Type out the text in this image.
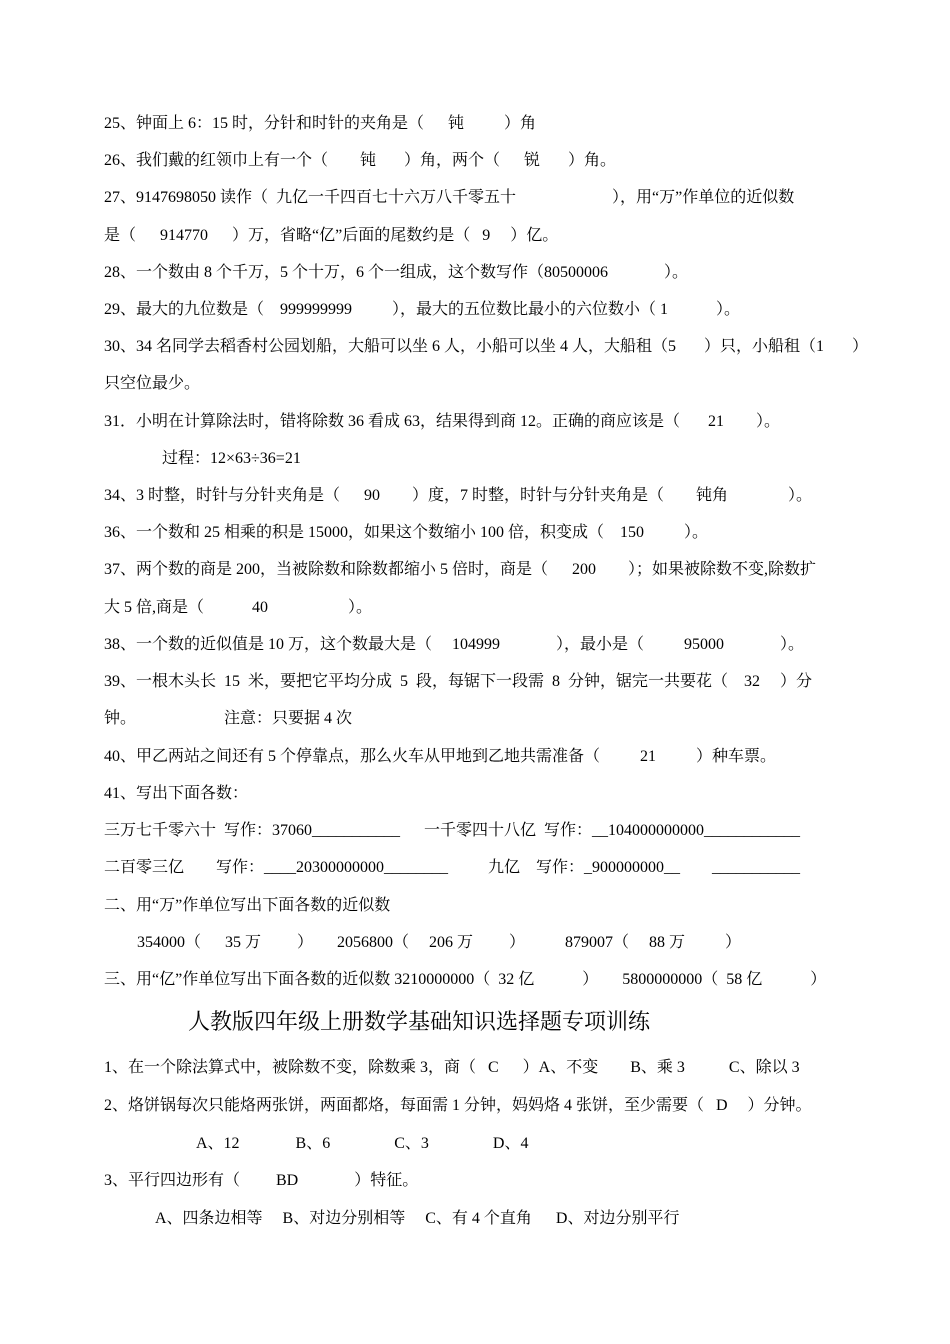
25、钟面上 6：15 时，分针和时针的夹角是（      钝          ）角

26、我们戴的红领巾上有一个（        钝       ）角，两个（      锐       ）角。

27、9147698050 读作（  九亿一千四百七十六万八千零五十                        ），用“万”作单位的近似数

是（      914770      ）万，省略“亿”后面的尾数约是（   9     ）亿。

28、一个数由 8 个千万，5 个十万，6 个一组成，这个数写作（80500006              ）。

29、最大的九位数是（    999999999          ），最大的五位数比最小的六位数小（ 1            ）。

30、34 名同学去稻香村公园划船，大船可以坐 6 人，小船可以坐 4 人，大船租（5       ）只，小船租（1       ）

只空位最少。

31．小明在计算除法时，错将除数 36 看成 63，结果得到商 12。正确的商应该是（       21        ）。

过程：12×63÷36=21

34、3 时整，时针与分针夹角是（      90        ）度，7 时整，时针与分针夹角是（        钝角               ）。

36、一个数和 25 相乘的积是 15000，如果这个数缩小 100 倍，积变成（    150          ）。

37、两个数的商是 200，当被除数和除数都缩小 5 倍时，商是（      200        ）；如果被除数不变,除数扩

大 5 倍,商是（            40                    ）。

38、一个数的近似值是 10 万，这个数最大是（     104999              ），最小是（          95000              ）。

39、一根木头长  15  米，要把它平均分成  5  段，每锯下一段需  8  分钟，锯完一共要花（    32     ）分

钟。                      注意：只要据 4 次

40、甲乙两站之间还有 5 个停靠点，那么火车从甲地到乙地共需准备（          21          ）种车票。

41、写出下面各数：

三万七千零六十  写作：37060___________      一千零四十八亿  写作：__104000000000____________

二百零三亿        写作：____20300000000________          九亿    写作：_900000000__        ___________

二、用“万”作单位写出下面各数的近似数

354000（      35 万         ）      2056800（     206 万         ）          879007（     88 万          ）

三、用“亿”作单位写出下面各数的近似数 3210000000（  32 亿            ）      5800000000（  58 亿            ）

人教版四年级上册数学基础知识选择题专项训练

1、在一个除法算式中，被除数不变，除数乘 3，商（   C      ）A、不变        B、乘 3           C、除以 3

2、烙饼锅每次只能烙两张饼，两面都烙，每面需 1 分钟，妈妈烙 4 张饼，至少需要（   D     ）分钟。

A、12              B、6                C、3                D、4

3、平行四边形有（         BD              ）特征。

A、四条边相等     B、对边分别相等     C、有 4 个直角      D、对边分别平行
